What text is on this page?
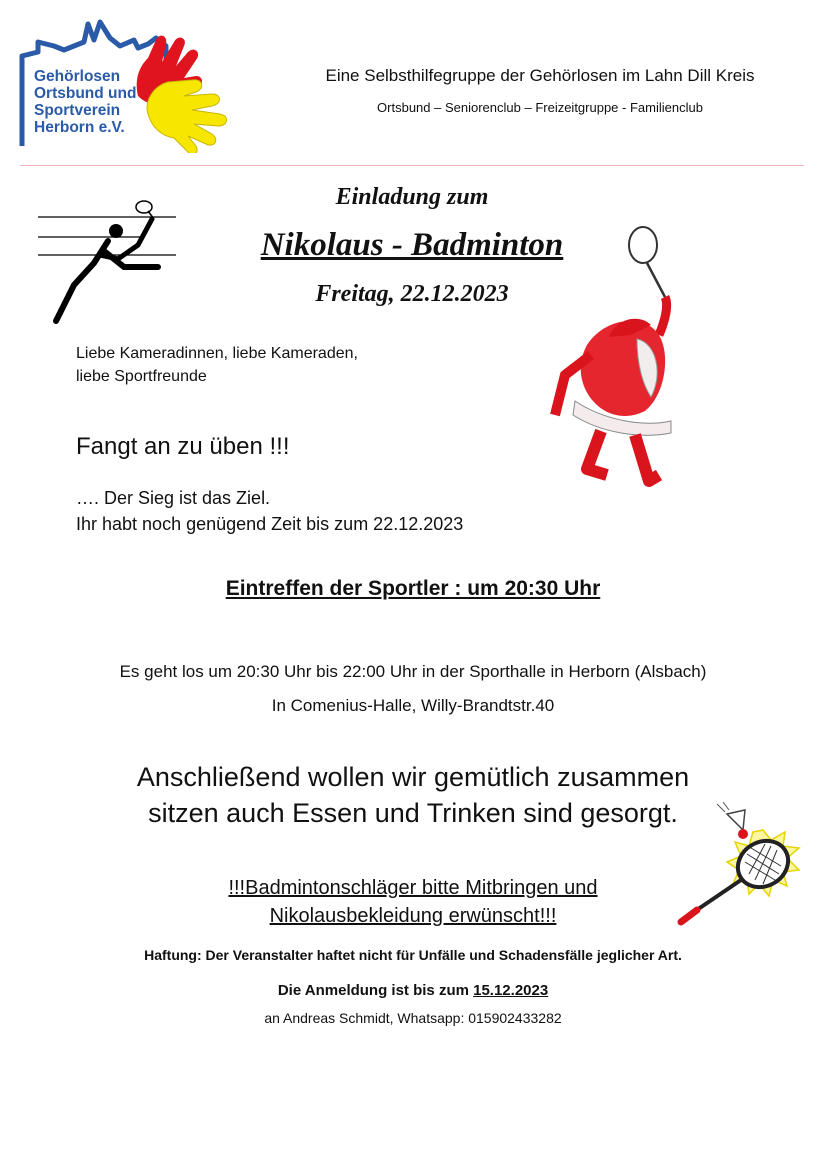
Gehörlosen
Ortsbund und
Sportverein
Herborn e.V.
Eine Selbsthilfegruppe der Gehörlosen im Lahn Dill Kreis
Ortsbund – Seniorenclub – Freizeitgruppe - Familienclub
Einladung zum
Nikolaus - Badminton
Freitag, 22.12.2023
Liebe Kameradinnen, liebe Kameraden,
liebe Sportfreunde
Fangt an zu üben !!!
…. Der Sieg ist das Ziel.
Ihr habt noch genügend Zeit bis zum 22.12.2023
Eintreffen der Sportler : um 20:30 Uhr
Es geht los um 20:30 Uhr bis 22:00 Uhr in der Sporthalle in Herborn (Alsbach)
In Comenius-Halle, Willy-Brandtstr.40
Anschließend wollen wir gemütlich zusammen
sitzen auch Essen und Trinken sind gesorgt.
!!!Badmintonschläger bitte Mitbringen und
Nikolausbekleidung erwünscht!!!
Haftung: Der Veranstalter haftet nicht für Unfälle und Schadensfälle jeglicher Art.
Die Anmeldung ist bis zum 15.12.2023
an Andreas Schmidt, Whatsapp: 015902433282
